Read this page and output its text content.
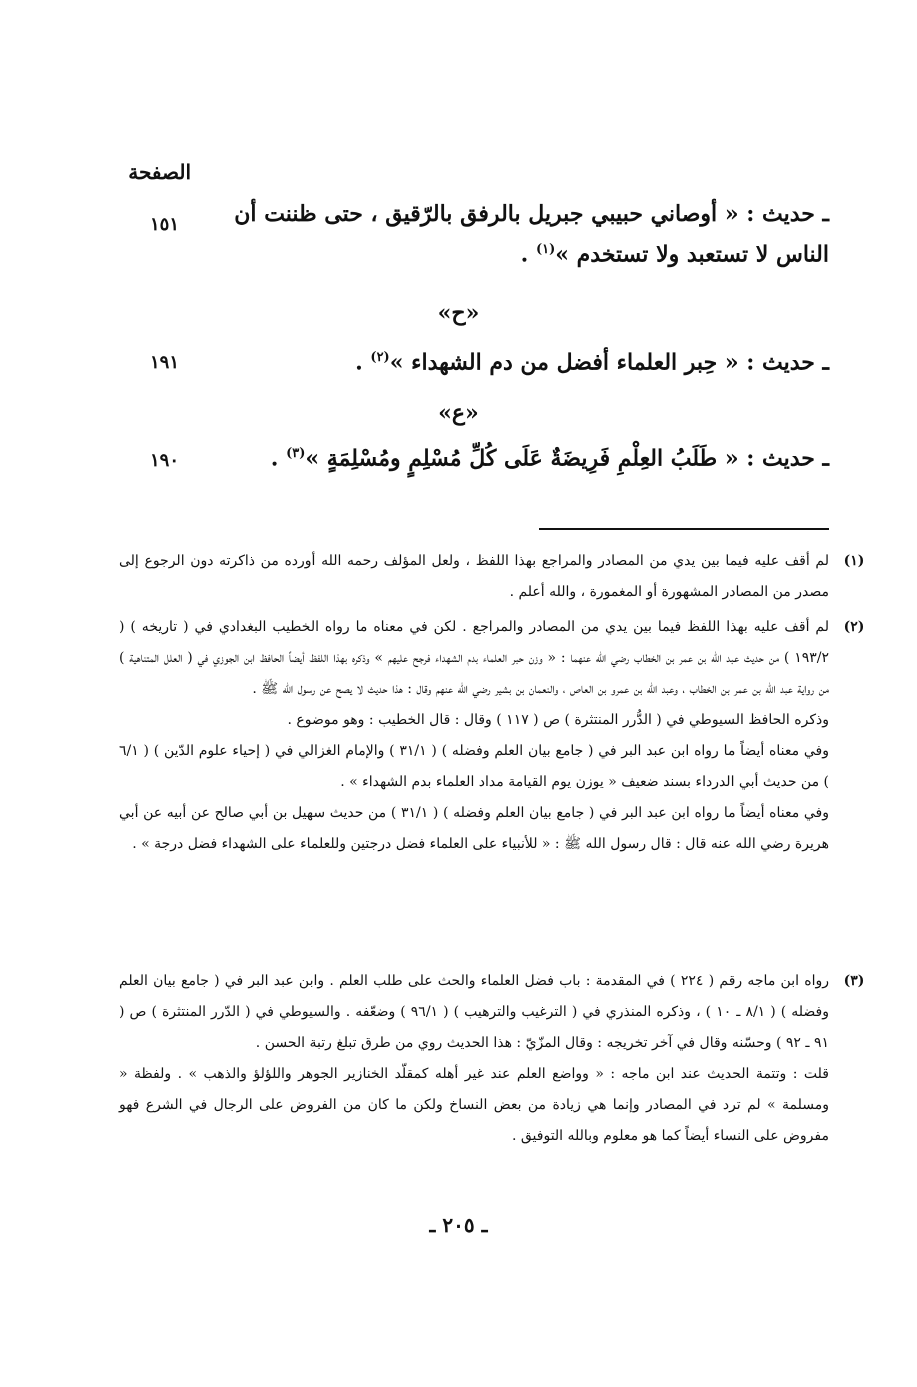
الصفحة
ـ حديث : « أوصاني حبيبي جبريل بالرفق بالرّقيق ، حتى ظننت أن الناس لا تستعبد ولا تستخدم »$^{(١)}$ .
١٥١
«ح»
ـ حديث : « حِبر العلماء أفضل من دم الشهداء »$^{(٢)}$ .
١٩١
«ع»
ـ حديث : « طَلَبُ العِلْمِ فَرِيضَةٌ عَلَى كُلِّ مُسْلِمٍ ومُسْلِمَةٍ »$^{(٣)}$ .
١٩٠
(١)

لم أقف عليه فيما بين يدي من المصادر والمراجع بهذا اللفظ ، ولعل المؤلف رحمه الله أورده من ذاكرته دون الرجوع إلى مصدر من المصادر المشهورة أو المغمورة ، والله أعلم .

(٢)

لم أقف عليه بهذا اللفظ فيما بين يدي من المصادر والمراجع . لكن في معناه ما رواه الخطيب البغدادي في ( تاريخه ) ( ١٩٣/٢ ) من حديث عبد الله بن عمر بن الخطاب رضي الله عنهما : « وزن حبر العلماء بدم الشهداء فرجح عليهم » وذكره بهذا اللفظ أيضاً الحافظ ابن الجوزي في ( العلل المتناهية ) من رواية عبد الله بن عمر بن الخطاب ، وعبد الله بن عمرو بن العاص ، والنعمان بن بشير رضي الله عنهم وقال : هذا حديث لا يصح عن رسول الله ﷺ .

وذكره الحافظ السيوطي في ( الدُّرر المنتثرة ) ص ( ١١٧ ) وقال : قال الخطيب : وهو موضوع .

وفي معناه أيضاً ما رواه ابن عبد البر في ( جامع بيان العلم وفضله ) ( ٣١/١ ) والإمام الغزالي في ( إحياء علوم الدّين ) ( ٦/١ ) من حديث أبي الدرداء بسند ضعيف « يوزن يوم القيامة مداد العلماء بدم الشهداء » .

وفي معناه أيضاً ما رواه ابن عبد البر في ( جامع بيان العلم وفضله ) ( ٣١/١ ) من حديث سهيل بن أبي صالح عن أبيه عن أبي هريرة رضي الله عنه قال : قال رسول الله ﷺ : « للأنبياء على العلماء فضل درجتين وللعلماء على الشهداء فضل درجة » .

(٣)

رواه ابن ماجه رقم ( ٢٢٤ ) في المقدمة : باب فضل العلماء والحث على طلب العلم . وابن عبد البر في ( جامع بيان العلم وفضله ) ( ٨/١ ـ ١٠ ) ، وذكره المنذري في ( الترغيب والترهيب ) ( ٩٦/١ ) وضعّفه . والسيوطي في ( الدّرر المنتثرة ) ص ( ٩١ ـ ٩٢ ) وحسّنه وقال في آخر تخريجه : وقال المزّيّ : هذا الحديث روي من طرق تبلغ رتبة الحسن .

قلت : وتتمة الحديث عند ابن ماجه : « وواضع العلم عند غير أهله كمقلّد الخنازير الجوهر واللؤلؤ والذهب » . ولفظة « ومسلمة » لم ترد في المصادر وإنما هي زيادة من بعض النساخ ولكن ما كان من الفروض على الرجال في الشرع فهو مفروض على النساء أيضاً كما هو معلوم وبالله التوفيق .

ـ ٢٠٥ ـ
